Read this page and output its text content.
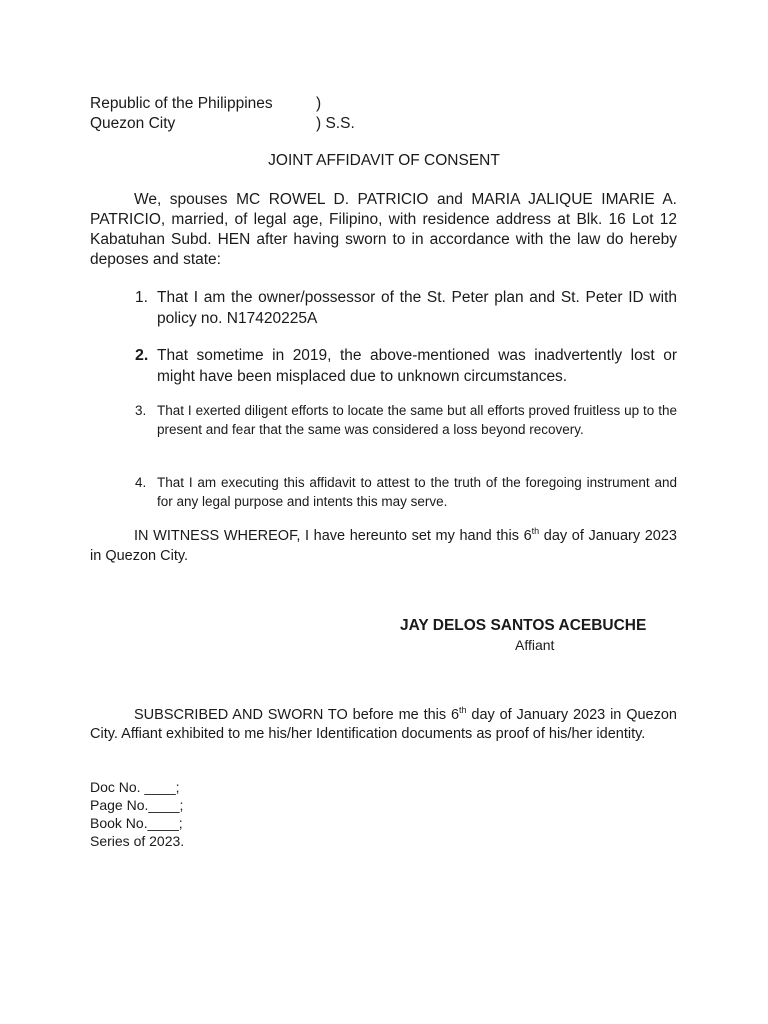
Republic of the Philippines	)
Quezon City	) S.S.
JOINT AFFIDAVIT OF CONSENT
We, spouses MC ROWEL D. PATRICIO and MARIA JALIQUE IMARIE A. PATRICIO, married, of legal age, Filipino, with residence address at Blk. 16 Lot 12 Kabatuhan Subd. HEN after having sworn to in accordance with the law do hereby deposes and state:
1. That I am the owner/possessor of the St. Peter plan and St. Peter ID with policy no. N17420225A
2. That sometime in 2019, the above-mentioned was inadvertently lost or might have been misplaced due to unknown circumstances.
3. That I exerted diligent efforts to locate the same but all efforts proved fruitless up to the present and fear that the same was considered a loss beyond recovery.
4. That I am executing this affidavit to attest to the truth of the foregoing instrument and for any legal purpose and intents this may serve.
IN WITNESS WHEREOF, I have hereunto set my hand this 6th day of January 2023 in Quezon City.
JAY DELOS SANTOS ACEBUCHE
Affiant
SUBSCRIBED AND SWORN TO before me this 6th day of January 2023 in Quezon City. Affiant exhibited to me his/her Identification documents as proof of his/her identity.
Doc No. ____;
Page No.____;
Book No.____;
Series of 2023.
